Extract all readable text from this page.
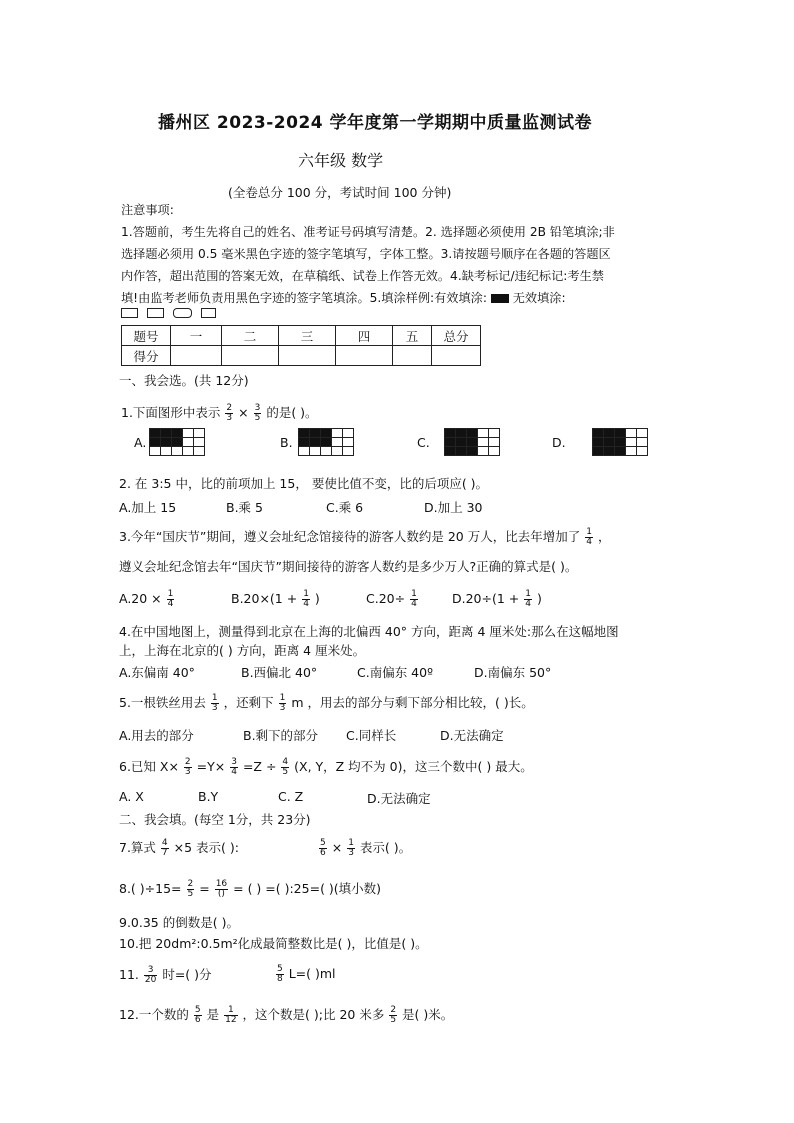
播州区 2023-2024 学年度第一学期期中质量监测试卷
六年级 数学
(全卷总分 100 分，考试时间 100 分钟)
注意事项:
1.答题前，考生先将自己的姓名、准考证号码填写清楚。2. 选择题必须使用 2B 铅笔填涂;非
选择题必须用 0.5 毫米黑色字迹的签字笔填写，字体工整。3.请按题号顺序在各题的答题区
内作答，超出范围的答案无效，在草稿纸、试卷上作答无效。4.缺考标记/违纪标记:考生禁
填!由监考老师负责用黑色字迹的签字笔填涂。5.填涂样例:有效填涂: 无效填涂:
题号	一	二	三	四	五	总分
得分						
一、我会选。(共 12分)
1.下面图形中表示 $\frac{2}{3} \times \frac{3}{5}$ 的是( )。
A.	B.	C.	D.
2. 在 3:5 中，比的前项加上 15， 要使比值不变，比的后项应( )。
A.加上 15	B.乘 5	C.乘 6	D.加上 30
3.今年“国庆节”期间，遵义会址纪念馆接待的游客人数约是 20 万人，比去年增加了 $\frac{1}{4}$ ，
遵义会址纪念馆去年“国庆节”期间接待的游客人数约是多少万人?正确的算式是( )。
$A.20 \times \frac{1}{4}$	$B.20\times(1 + \frac{1}{4}$ )	$C.20\div \frac{1}{4}$	$D.20\div(1 + \frac{1}{4}$ )
4.在中国地图上，测量得到北京在上海的北偏西 40° 方向，距离 4 厘米处:那么在这幅地图
上，上海在北京的( ) 方向，距离 4 厘米处。
A.东偏南 40°	B.西偏北 40°	C.南偏东 40º	D.南偏东 50°
5.一根铁丝用去 $\frac{1}{3}$ ，还剩下 $\frac{1}{3}$ m ，用去的部分与剩下部分相比较，( )长。
A.用去的部分	B.剩下的部分 C.同样长	D.无法确定
6.已知 $X\times \frac{2}{3} =Y\times \frac{3}{4} =Z \div \frac{4}{5} (X$, Y，Z 均不为 0)，这三个数中( ) 最大。
A. X	B.Y	C. Z	D.无法确定
二、我会填。(每空 1分，共 23分)
7.算式 $\frac{4}{7} \times 5$ 表示( ):	$\frac{5}{6} \times \frac{1}{3}$ 表示( )。
8.( )$\div 15= \frac{2}{5} = \frac{16}{()}$ = ( ) =( ):25=( )(填小数)
9.0.35 的倒数是( )。
10.把 20dm²:0.5m²化成最简整数比是( )，比值是( )。
11. $\frac{3}{20}$ 时=( )分	$\frac{5}{8} L=$( )ml
12.一个数的 $\frac{5}{6}$ 是 $\frac{1}{12}$ ，这个数是( );比 20 米多 $\frac{2}{5}$ 是( )米。
